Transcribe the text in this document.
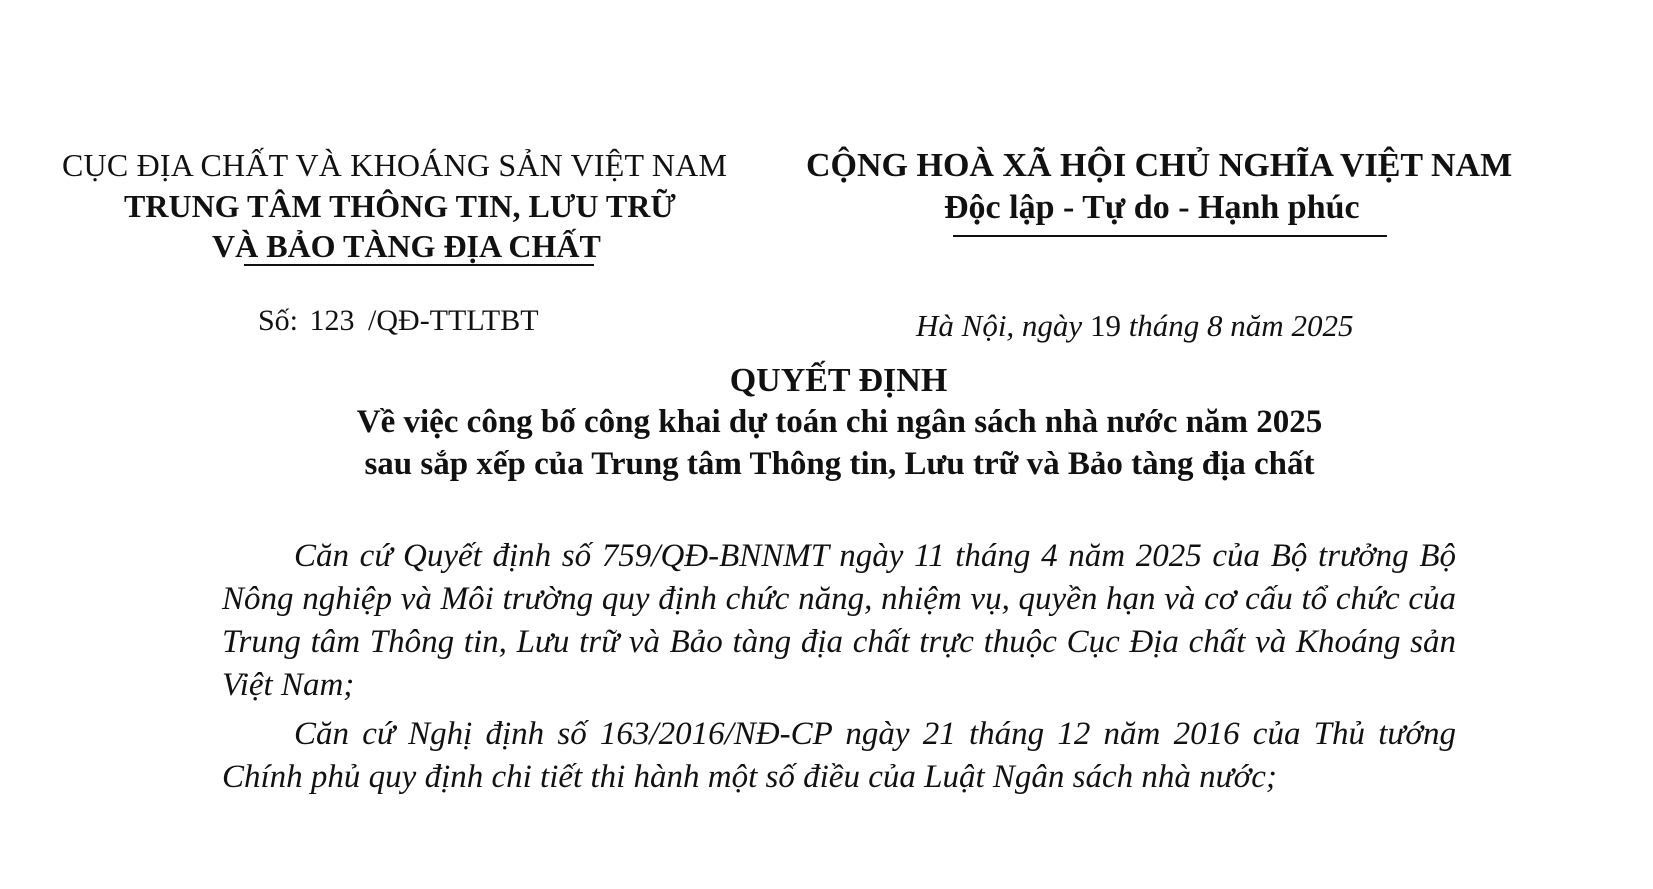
CỤC ĐỊA CHẤT VÀ KHOÁNG SẢN VIỆT NAM
TRUNG TÂM THÔNG TIN, LƯU TRỮ
VÀ BẢO TÀNG ĐỊA CHẤT
CỘNG HOÀ XÃ HỘI CHỦ NGHĨA VIỆT NAM
Độc lập - Tự do - Hạnh phúc
Số: 123 /QĐ-TTLTBT	Hà Nội, ngày 19 tháng 8 năm 2025
QUYẾT ĐỊNH
Về việc công bố công khai dự toán chi ngân sách nhà nước năm 2025
sau sắp xếp của Trung tâm Thông tin, Lưu trữ và Bảo tàng địa chất

Căn cứ Quyết định số 759/QĐ-BNNMT ngày 11 tháng 4 năm 2025 của Bộ trưởng Bộ Nông nghiệp và Môi trường quy định chức năng, nhiệm vụ, quyền hạn và cơ cấu tổ chức của Trung tâm Thông tin, Lưu trữ và Bảo tàng địa chất trực thuộc Cục Địa chất và Khoáng sản Việt Nam;

Căn cứ Nghị định số 163/2016/NĐ-CP ngày 21 tháng 12 năm 2016 của Thủ tướng Chính phủ quy định chi tiết thi hành một số điều của Luật Ngân sách nhà nước;
